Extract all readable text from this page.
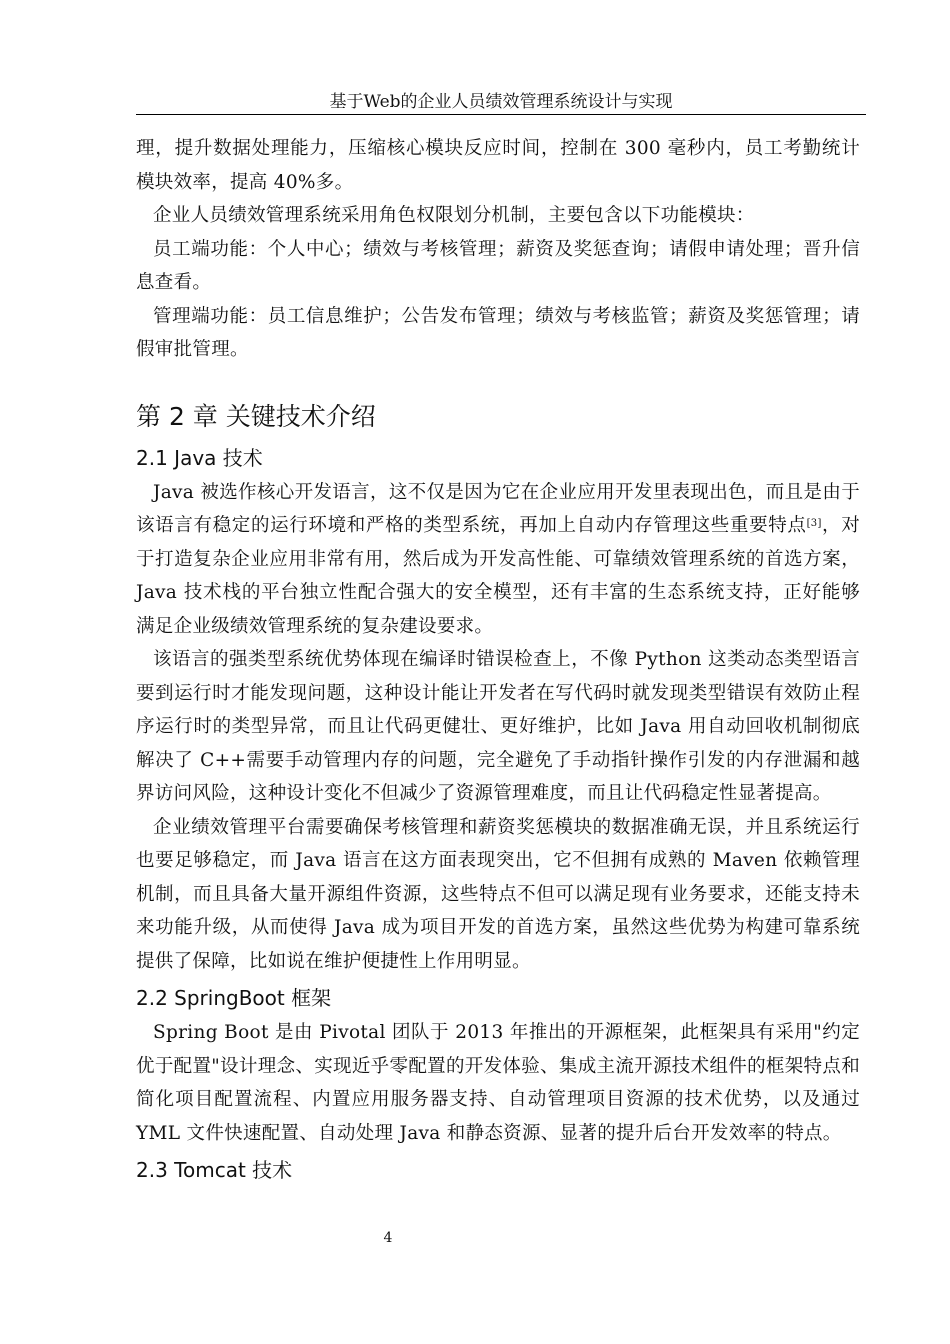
基于Web的企业人员绩效管理系统设计与实现

理，提升数据处理能力，压缩核心模块反应时间，控制在 300 毫秒内，员工考勤统计模块效率，提高 40%多。

企业人员绩效管理系统采用角色权限划分机制，主要包含以下功能模块：

员工端功能：个人中心；绩效与考核管理；薪资及奖惩查询；请假申请处理；晋升信息查看。

管理端功能：员工信息维护；公告发布管理；绩效与考核监管；薪资及奖惩管理；请假审批管理。

第 2 章 关键技术介绍
2.1 Java 技术

Java 被选作核心开发语言，这不仅是因为它在企业应用开发里表现出色，而且是由于该语言有稳定的运行环境和严格的类型系统，再加上自动内存管理这些重要特点[3]，对于打造复杂企业应用非常有用，然后成为开发高性能、可靠绩效管理系统的首选方案，Java 技术栈的平台独立性配合强大的安全模型，还有丰富的生态系统支持，正好能够满足企业级绩效管理系统的复杂建设要求。

该语言的强类型系统优势体现在编译时错误检查上，不像 Python 这类动态类型语言要到运行时才能发现问题，这种设计能让开发者在写代码时就发现类型错误有效防止程序运行时的类型异常，而且让代码更健壮、更好维护，比如 Java 用自动回收机制彻底解决了 C++需要手动管理内存的问题，完全避免了手动指针操作引发的内存泄漏和越界访问风险，这种设计变化不但减少了资源管理难度，而且让代码稳定性显著提高。

企业绩效管理平台需要确保考核管理和薪资奖惩模块的数据准确无误，并且系统运行也要足够稳定，而 Java 语言在这方面表现突出，它不但拥有成熟的 Maven 依赖管理机制，而且具备大量开源组件资源，这些特点不但可以满足现有业务要求，还能支持未来功能升级，从而使得 Java 成为项目开发的首选方案，虽然这些优势为构建可靠系统提供了保障，比如说在维护便捷性上作用明显。

2.2 SpringBoot 框架

Spring Boot 是由 Pivotal 团队于 2013 年推出的开源框架，此框架具有采用"约定优于配置"设计理念、实现近乎零配置的开发体验、集成主流开源技术组件的框架特点和简化项目配置流程、内置应用服务器支持、自动管理项目资源的技术优势，以及通过 YML 文件快速配置、自动处理 Java 和静态资源、显著的提升后台开发效率的特点。

2.3 Tomcat 技术
4
